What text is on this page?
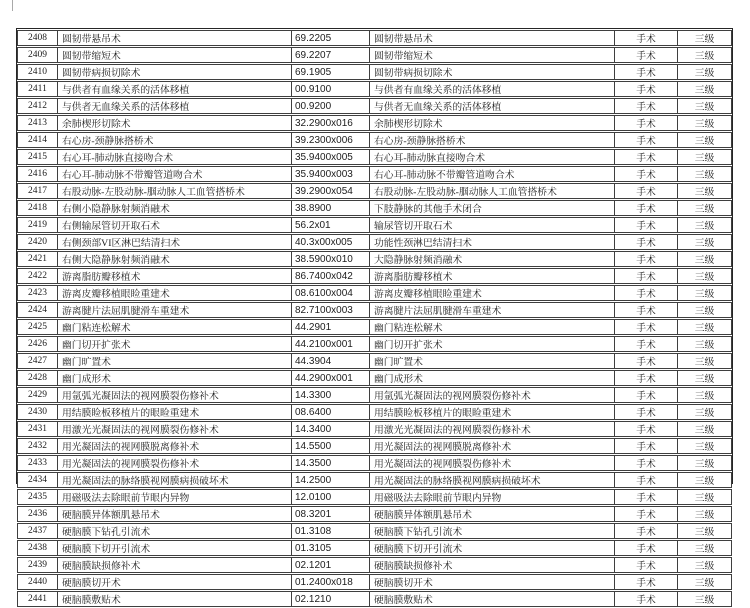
2408	圆韧带悬吊术	69.2205	圆韧带悬吊术	手术	三级
2409	圆韧带缩短术	69.2207	圆韧带缩短术	手术	三级
2410	圆韧带病损切除术	69.1905	圆韧带病损切除术	手术	三级
2411	与供者有血缘关系的活体移植	00.9100	与供者有血缘关系的活体移植	手术	三级
2412	与供者无血缘关系的活体移植	00.9200	与供者无血缘关系的活体移植	手术	三级
2413	余肺楔形切除术	32.2900x016	余肺楔形切除术	手术	三级
2414	右心房-颈静脉搭桥术	39.2300x006	右心房-颈静脉搭桥术	手术	三级
2415	右心耳-肺动脉直接吻合术	35.9400x005	右心耳-肺动脉直接吻合术	手术	三级
2416	右心耳-肺动脉不带瓣管道吻合术	35.9400x003	右心耳-肺动脉不带瓣管道吻合术	手术	三级
2417	右股动脉-左股动脉-腘动脉人工血管搭桥术	39.2900x054	右股动脉-左股动脉-腘动脉人工血管搭桥术	手术	三级
2418	右侧小隐静脉射频消融术	38.8900	下肢静脉的其他手术闭合	手术	三级
2419	右侧输尿管切开取石术	56.2x01	输尿管切开取石术	手术	三级
2420	右侧颈部VI区淋巴结清扫术	40.3x00x005	功能性颈淋巴结清扫术	手术	三级
2421	右侧大隐静脉射频消融术	38.5900x010	大隐静脉射频消融术	手术	三级
2422	游离脂肪瓣移植术	86.7400x042	游离脂肪瓣移植术	手术	三级
2423	游离皮瓣移植眼睑重建术	08.6100x004	游离皮瓣移植眼睑重建术	手术	三级
2424	游离腱片法屈肌腱滑车重建术	82.7100x003	游离腱片法屈肌腱滑车重建术	手术	三级
2425	幽门粘连松解术	44.2901	幽门粘连松解术	手术	三级
2426	幽门切开扩张术	44.2100x001	幽门切开扩张术	手术	三级
2427	幽门旷置术	44.3904	幽门旷置术	手术	三级
2428	幽门成形术	44.2900x001	幽门成形术	手术	三级
2429	用氩弧光凝固法的视网膜裂伤修补术	14.3300	用氩弧光凝固法的视网膜裂伤修补术	手术	三级
2430	用结膜睑板移植片的眼睑重建术	08.6400	用结膜睑板移植片的眼睑重建术	手术	三级
2431	用激光光凝固法的视网膜裂伤修补术	14.3400	用激光光凝固法的视网膜裂伤修补术	手术	三级
2432	用光凝固法的视网膜脱离修补术	14.5500	用光凝固法的视网膜脱离修补术	手术	三级
2433	用光凝固法的视网膜裂伤修补术	14.3500	用光凝固法的视网膜裂伤修补术	手术	三级
2434	用光凝固法的脉络膜视网膜病损破坏术	14.2500	用光凝固法的脉络膜视网膜病损破坏术	手术	三级
2435	用磁吸法去除眼前节眼内异物	12.0100	用磁吸法去除眼前节眼内异物	手术	三级
2436	硬脑膜异体额肌悬吊术	08.3201	硬脑膜异体额肌悬吊术	手术	三级
2437	硬脑膜下钻孔引流术	01.3108	硬脑膜下钻孔引流术	手术	三级
2438	硬脑膜下切开引流术	01.3105	硬脑膜下切开引流术	手术	三级
2439	硬脑膜缺损修补术	02.1201	硬脑膜缺损修补术	手术	三级
2440	硬脑膜切开术	01.2400x018	硬脑膜切开术	手术	三级
2441	硬脑膜敷贴术	02.1210	硬脑膜敷贴术	手术	三级
